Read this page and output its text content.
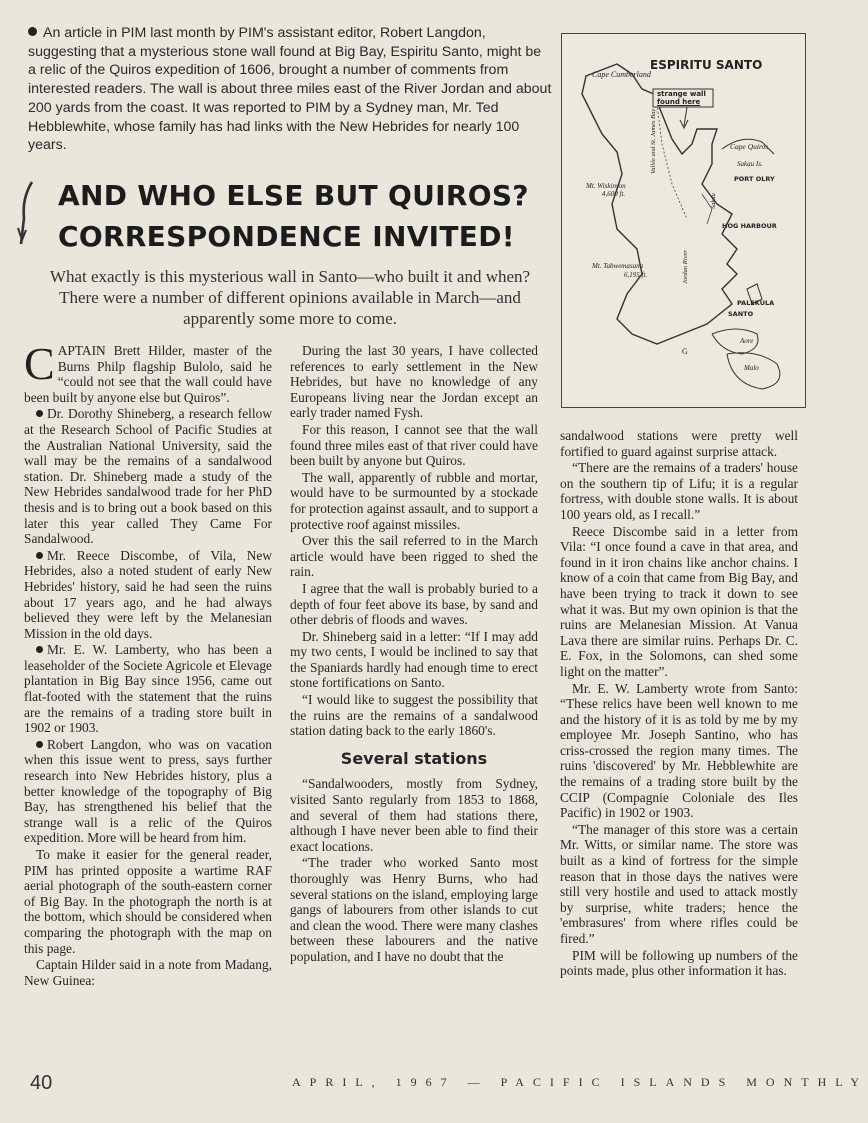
An article in PIM last month by PIM's assistant editor, Robert Langdon, suggesting that a mysterious stone wall found at Big Bay, Espiritu Santo, might be a relic of the Quiros expedition of 1606, brought a number of comments from interested readers. The wall is about three miles east of the River Jordan and about 200 yards from the coast. It was reported to PIM by a Sydney man, Mr. Ted Hebblewhite, whose family has had links with the New Hebrides for nearly 100 years.
AND WHO ELSE BUT QUIROS?
CORRESPONDENCE INVITED!
What exactly is this mysterious wall in Santo—who built it and when? There were a number of different opinions available in March—and apparently some more to come.

CAPTAIN Brett Hilder, master of the Burns Philp flagship Bulolo, said he “could not see that the wall could have been built by anyone else but Quiros”.

Dr. Dorothy Shineberg, a research fellow at the Research School of Pacific Studies at the Australian National University, said the wall may be the remains of a sandalwood station. Dr. Shineberg made a study of the New Hebrides sandalwood trade for her PhD thesis and is to bring out a book based on this later this year called They Came For Sandalwood.

Mr. Reece Discombe, of Vila, New Hebrides, also a noted student of early New Hebrides' history, said he had seen the ruins about 17 years ago, and he had always believed they were left by the Melanesian Mission in the old days.

Mr. E. W. Lamberty, who has been a leaseholder of the Societe Agricole et Elevage plantation in Big Bay since 1956, came out flat-footed with the statement that the ruins are the remains of a trading store built in 1902 or 1903.

Robert Langdon, who was on vacation when this issue went to press, says further research into New Hebrides history, plus a better knowledge of the topography of Big Bay, has strengthened his belief that the strange wall is a relic of the Quiros expedition. More will be heard from him.

To make it easier for the general reader, PIM has printed opposite a wartime RAF aerial photograph of the south-eastern corner of Big Bay. In the photograph the north is at the bottom, which should be considered when comparing the photograph with the map on this page.

Captain Hilder said in a note from Madang, New Guinea:

During the last 30 years, I have collected references to early settlement in the New Hebrides, but have no knowledge of any Europeans living near the Jordan except an early trader named Fysh.

For this reason, I cannot see that the wall found three miles east of that river could have been built by anyone but Quiros.

The wall, apparently of rubble and mortar, would have to be surmounted by a stockade for protection against assault, and to support a protective roof against missiles.

Over this the sail referred to in the March article would have been rigged to shed the rain.

I agree that the wall is probably buried to a depth of four feet above its base, by sand and other debris of floods and waves.

Dr. Shineberg said in a letter: “If I may add my two cents, I would be inclined to say that the Spaniards hardly had enough time to erect stone fortifications on Santo.

“I would like to suggest the possibility that the ruins are the remains of a sandalwood station dating back to the early 1860's.

Several stations

“Sandalwooders, mostly from Sydney, visited Santo regularly from 1853 to 1868, and several of them had stations there, although I have never been able to find their exact locations.

“The trader who worked Santo most thoroughly was Henry Burns, who had several stations on the island, employing large gangs of labourers from other islands to cut and clean the wood. There were many clashes between these labourers and the native population, and I have no doubt that the

ESPIRITU SANTO
Cape Cumberland
strange wall
found here
Cape Quiros
Sakau Is.
PORT OLRY
HOG HARBOUR
Mt. Wiskinson
4,600 ft.
Mt. Tabwemasana
6,195 ft.
PALEKULA
SANTO
Aore
Malo
Vallée and St. James Bay
Jordan River
Sakau
G

sandalwood stations were pretty well fortified to guard against surprise attack.

“There are the remains of a traders' house on the southern tip of Lifu; it is a regular fortress, with double stone walls. It is about 100 years old, as I recall.”

Reece Discombe said in a letter from Vila: “I once found a cave in that area, and found in it iron chains like anchor chains. I know of a coin that came from Big Bay, and have been trying to track it down to see what it was. But my own opinion is that the ruins are Melanesian Mission. At Vanua Lava there are similar ruins. Perhaps Dr. C. E. Fox, in the Solomons, can shed some light on the matter”.

Mr. E. W. Lamberty wrote from Santo: “These relics have been well known to me and the history of it is as told by me by my employee Mr. Joseph Santino, who has criss-crossed the region many times. The ruins 'discovered' by Mr. Hebblewhite are the remains of a trading store built by the CCIP (Compagnie Coloniale des Iles Pacific) in 1902 or 1903.

“The manager of this store was a certain Mr. Witts, or similar name. The store was built as a kind of fortress for the simple reason that in those days the natives were still very hostile and used to attack mostly by surprise, white traders; hence the 'embrasures' from where rifles could be fired.”

PIM will be following up numbers of the points made, plus other information it has.

40	APRIL, 1967 — PACIFIC ISLANDS MONTHLY
